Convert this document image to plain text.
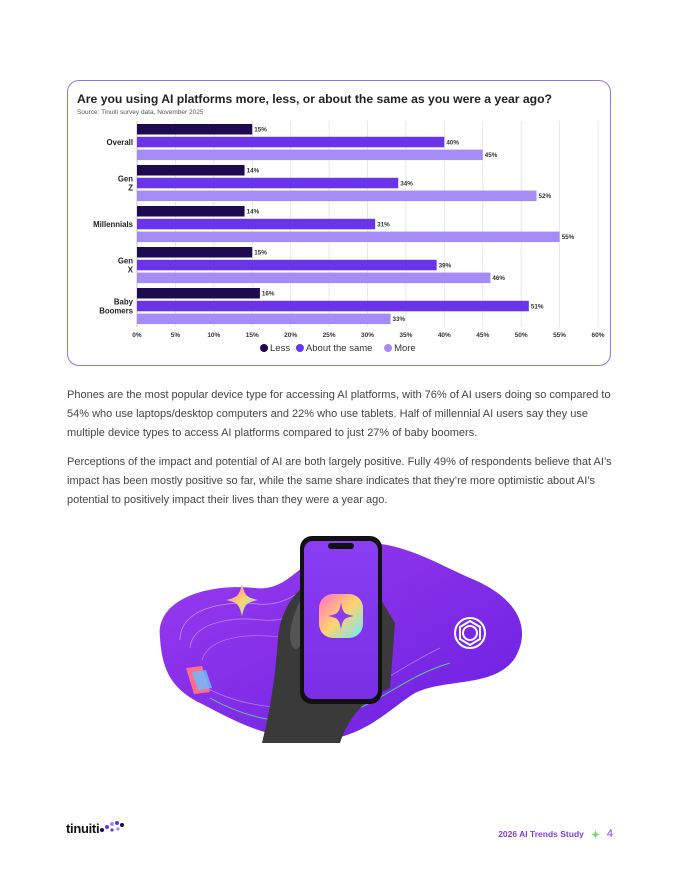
Are you using AI platforms more, less, or about the same as you were a year ago?
Source: Tinuiti survey data, November 2025
0%	5%	10%	15%	20%	25%	30%	35%	40%	45%	50%	55%	60%
15%
40%
45%
Overall
14%
34%
52%
Gen
Z
14%
31%
55%
Millennials
15%
39%
46%
Gen
X
16%
51%
33%
Baby
Boomers
Less About the same More

Phones are the most popular device type for accessing AI platforms, with 76% of AI users doing so compared to 54% who use laptops/desktop computers and 22% who use tablets. Half of millennial AI users say they use multiple device types to access AI platforms compared to just 27% of baby boomers.

Perceptions of the impact and potential of AI are both largely positive. Fully 49% of respondents believe that AI’s impact has been mostly positive so far, while the same share indicates that they’re more optimistic about AI’s potential to positively impact their lives than they were a year ago.

tinuiti	2026 AI Trends Study 4
